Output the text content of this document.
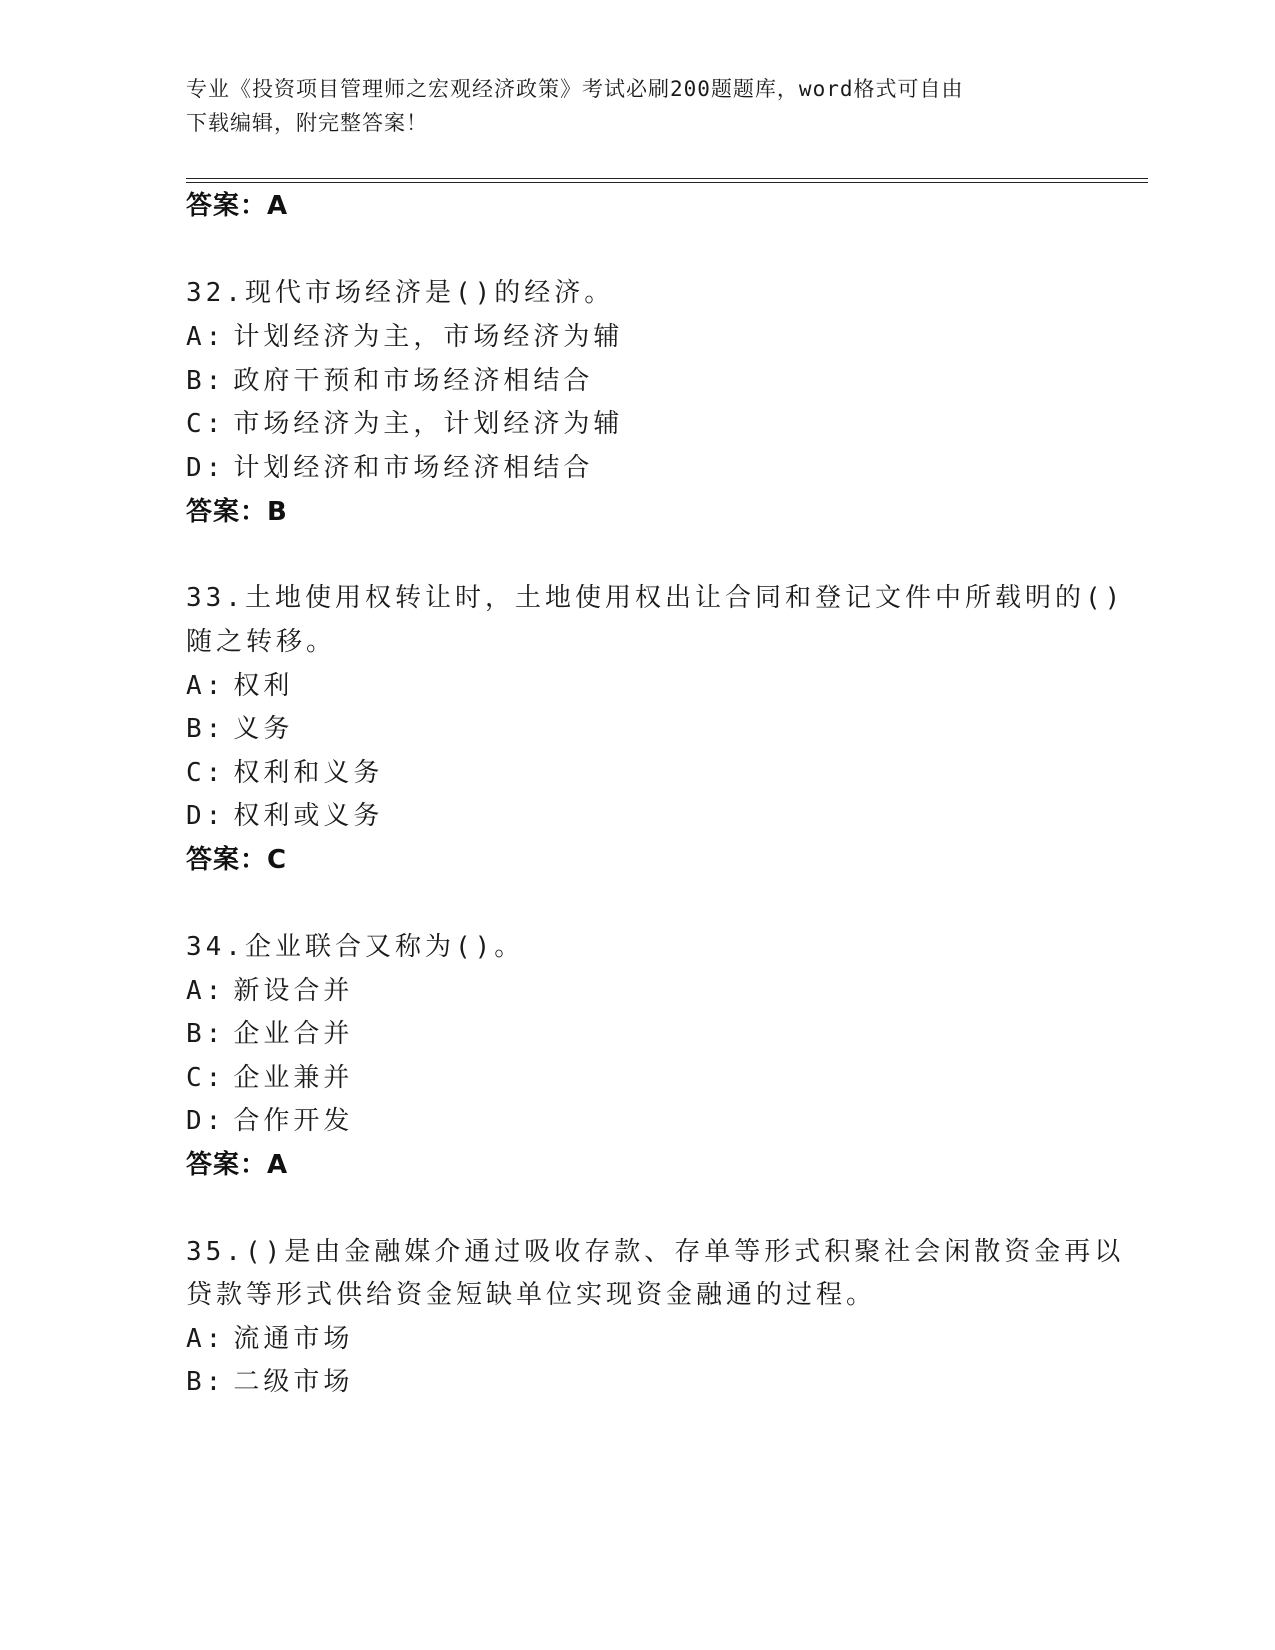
专业《投资项目管理师之宏观经济政策》考试必刷200题题库，word格式可自由
下载编辑，附完整答案！
答案：A
32.现代市场经济是()的经济。
A: 计划经济为主，市场经济为辅
B: 政府干预和市场经济相结合
C: 市场经济为主，计划经济为辅
D: 计划经济和市场经济相结合
答案：B
33.土地使用权转让时，土地使用权出让合同和登记文件中所载明的()
随之转移。
A: 权利
B: 义务
C: 权利和义务
D: 权利或义务
答案：C
34.企业联合又称为()。
A: 新设合并
B: 企业合并
C: 企业兼并
D: 合作开发
答案：A
35.()是由金融媒介通过吸收存款、存单等形式积聚社会闲散资金再以
贷款等形式供给资金短缺单位实现资金融通的过程。
A: 流通市场
B: 二级市场
